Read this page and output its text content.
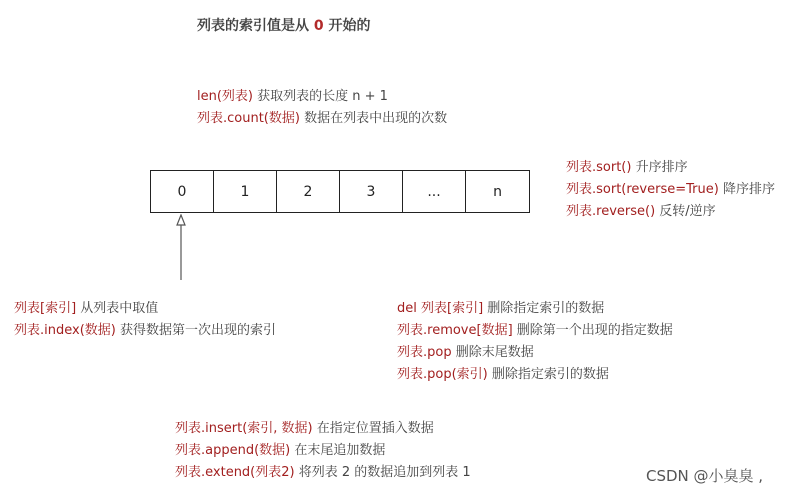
列表的索引值是从 0 开始的
len(列表) 获取列表的长度 n + 1
列表.count(数据) 数据在列表中出现的次数
0	1	2	3	...	n
列表.sort() 升序排序
列表.sort(reverse=True) 降序排序
列表.reverse() 反转/逆序
列表[索引] 从列表中取值
列表.index(数据) 获得数据第一次出现的索引
del 列表[索引] 删除指定索引的数据
列表.remove[数据] 删除第一个出现的指定数据
列表.pop 删除末尾数据
列表.pop(索引) 删除指定索引的数据
列表.insert(索引, 数据) 在指定位置插入数据
列表.append(数据) 在末尾追加数据
列表.extend(列表2) 将列表 2 的数据追加到列表 1	CSDN @小臭臭 ,
